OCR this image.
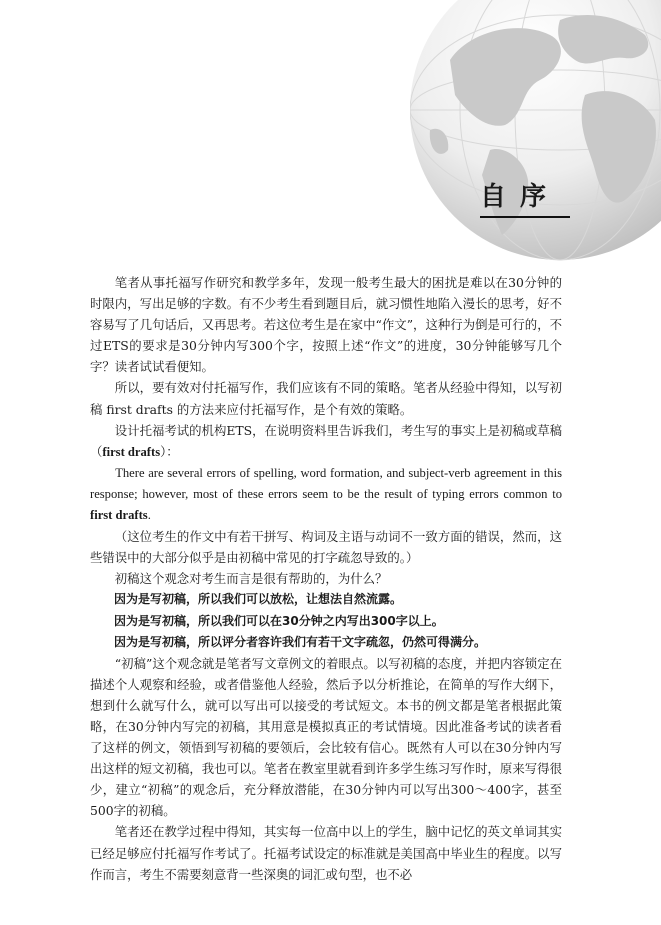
自序

笔者从事托福写作研究和教学多年，发现一般考生最大的困扰是难以在30分钟的时限内，写出足够的字数。有不少考生看到题目后，就习惯性地陷入漫长的思考，好不容易写了几句话后，又再思考。若这位考生是在家中“作文”，这种行为倒是可行的，不过ETS的要求是30分钟内写300个字，按照上述“作文”的进度，30分钟能够写几个字？读者试试看便知。

所以，要有效对付托福写作，我们应该有不同的策略。笔者从经验中得知，以写初稿 first drafts 的方法来应付托福写作，是个有效的策略。

设计托福考试的机构ETS，在说明资料里告诉我们，考生写的事实上是初稿或草稿（first drafts）：

There are several errors of spelling, word formation, and subject-verb agreement in this response; however, most of these errors seem to be the result of typing errors common to first drafts.

（这位考生的作文中有若干拼写、构词及主语与动词不一致方面的错误，然而，这些错误中的大部分似乎是由初稿中常见的打字疏忽导致的。）

初稿这个观念对考生而言是很有帮助的，为什么？

因为是写初稿，所以我们可以放松，让想法自然流露。

因为是写初稿，所以我们可以在30分钟之内写出300字以上。

因为是写初稿，所以评分者容许我们有若干文字疏忽，仍然可得满分。

“初稿”这个观念就是笔者写文章例文的着眼点。以写初稿的态度，并把内容锁定在描述个人观察和经验，或者借鉴他人经验，然后予以分析推论，在简单的写作大纲下，想到什么就写什么，就可以写出可以接受的考试短文。本书的例文都是笔者根据此策略，在30分钟内写完的初稿，其用意是模拟真正的考试情境。因此准备考试的读者看了这样的例文，领悟到写初稿的要领后，会比较有信心。既然有人可以在30分钟内写出这样的短文初稿，我也可以。笔者在教室里就看到许多学生练习写作时，原来写得很少，建立“初稿”的观念后，充分释放潜能，在30分钟内可以写出300～400字，甚至500字的初稿。

笔者还在教学过程中得知，其实每一位高中以上的学生，脑中记忆的英文单词其实已经足够应付托福写作考试了。托福考试设定的标准就是美国高中毕业生的程度。以写作而言，考生不需要刻意背一些深奥的词汇或句型，也不必
